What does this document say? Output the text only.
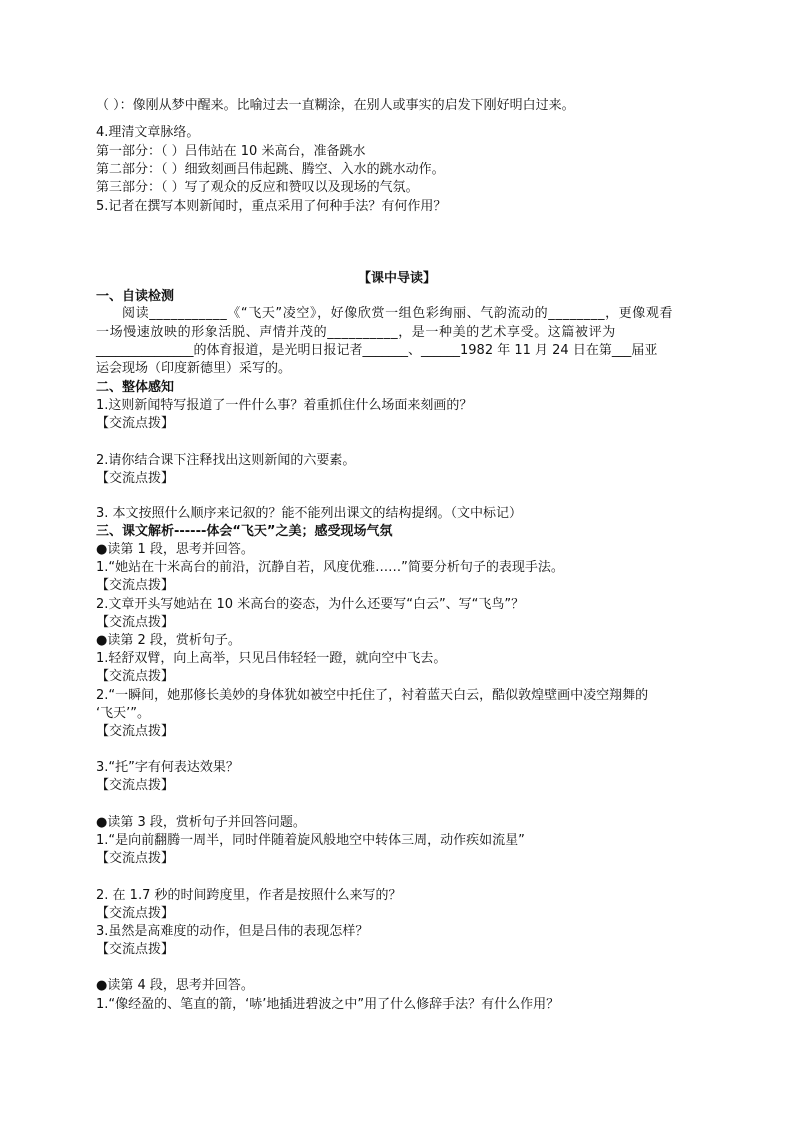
（ ）：像刚从梦中醒来。比喻过去一直糊涂，在别人或事实的启发下刚好明白过来。
4.理清文章脉络。
第一部分：（ ）吕伟站在 10 米高台，准备跳水
第二部分：（ ）细致刻画吕伟起跳、腾空、入水的跳水动作。
第三部分：（ ）写了观众的反应和赞叹以及现场的气氛。
5.记者在撰写本则新闻时，重点采用了何种手法？有何作用？
【课中导读】
一、自读检测
阅读___________《“飞天”凌空》，好像欣赏一组色彩绚丽、气韵流动的________，更像观看
一场慢速放映的形象活脱、声情并茂的__________，是一种美的艺术享受。这篇被评为
_______________的体育报道，是光明日报记者_______、______1982 年 11 月 24 日在第___届亚
运会现场（印度新德里）采写的。
二、整体感知
1.这则新闻特写报道了一件什么事？着重抓住什么场面来刻画的？
【交流点拨】
2.请你结合课下注释找出这则新闻的六要素。
【交流点拨】
3. 本文按照什么顺序来记叙的？能不能列出课文的结构提纲。（文中标记）
三、课文解析------体会“飞天”之美；感受现场气氛
●读第 1 段，思考并回答。
1.“她站在十米高台的前沿，沉静自若，风度优雅……”简要分析句子的表现手法。
【交流点拨】
2.文章开头写她站在 10 米高台的姿态，为什么还要写“白云”、写“飞鸟”？
【交流点拨】
●读第 2 段，赏析句子。
1.轻舒双臂，向上高举，只见吕伟轻轻一蹬，就向空中飞去。
【交流点拨】
2.“一瞬间，她那修长美妙的身体犹如被空中托住了，衬着蓝天白云，酷似敦煌壁画中凌空翔舞的
‘飞天’”。
【交流点拨】
3.“托”字有何表达效果？
【交流点拨】
●读第 3 段，赏析句子并回答问题。
1.“是向前翻腾一周半，同时伴随着旋风般地空中转体三周，动作疾如流星”
【交流点拨】
2. 在 1.7 秒的时间跨度里，作者是按照什么来写的？
【交流点拨】
3.虽然是高难度的动作，但是吕伟的表现怎样？
【交流点拨】
●读第 4 段，思考并回答。
1.“像经盈的、笔直的箭，‘哧’地插进碧波之中”用了什么修辞手法？有什么作用？
